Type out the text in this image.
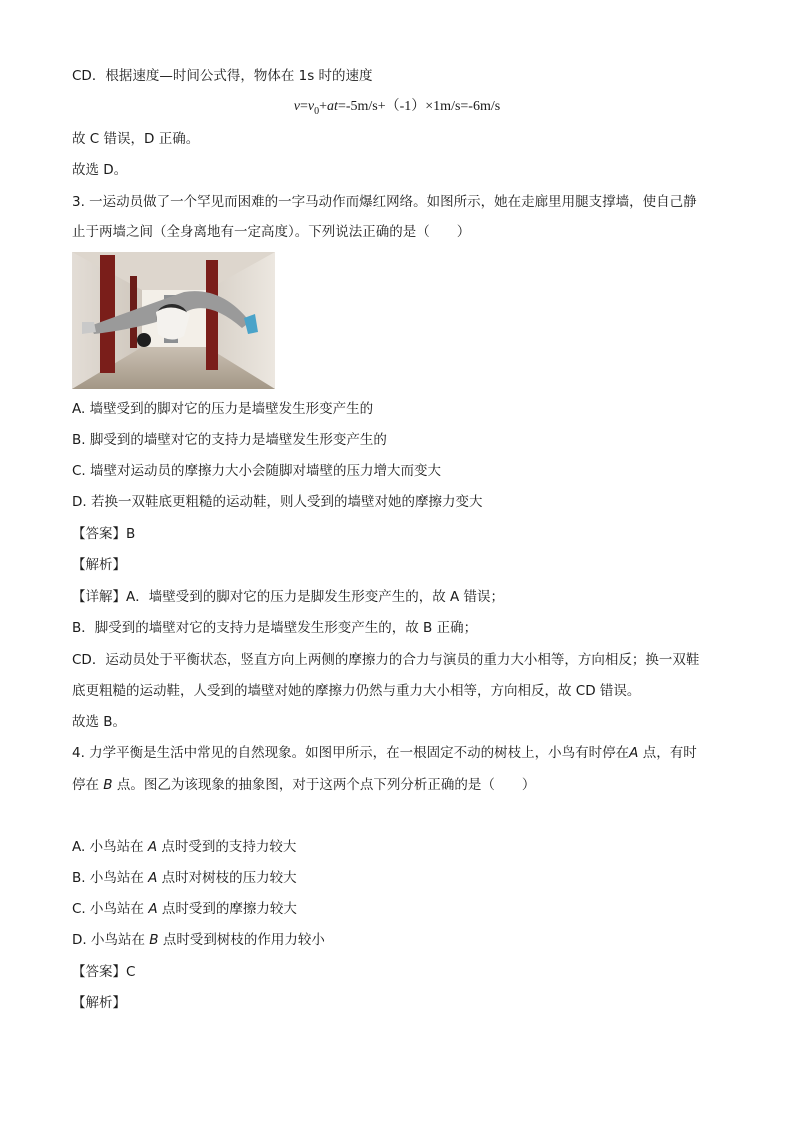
CD．根据速度—时间公式得，物体在 1s 时的速度
$v=v_0+at=-5m/s+(-1)\times 1m/s=-6m/s$
故 C 错误，D 正确。
故选 D。
3. 一运动员做了一个罕见而困难的一字马动作而爆红网络。如图所示，她在走廊里用腿支撑墙，使自己静
止于两墙之间（全身离地有一定高度）。下列说法正确的是（　　）
A. 墙壁受到的脚对它的压力是墙壁发生形变产生的
B. 脚受到的墙壁对它的支持力是墙壁发生形变产生的
C. 墙壁对运动员的摩擦力大小会随脚对墙壁的压力增大而变大
D. 若换一双鞋底更粗糙的运动鞋，则人受到的墙壁对她的摩擦力变大
【答案】B
【解析】
【详解】A．墙壁受到的脚对它的压力是脚发生形变产生的，故 A 错误；
B．脚受到的墙壁对它的支持力是墙壁发生形变产生的，故 B 正确；
CD．运动员处于平衡状态，竖直方向上两侧的摩擦力的合力与演员的重力大小相等，方向相反；换一双鞋
底更粗糙的运动鞋，人受到的墙壁对她的摩擦力仍然与重力大小相等，方向相反，故 CD 错误。
故选 B。
4. 力学平衡是生活中常见的自然现象。如图甲所示，在一根固定不动的树枝上，小鸟有时停在A 点，有时
停在 B 点。图乙为该现象的抽象图，对于这两个点下列分析正确的是（　　）
A. 小鸟站在 A 点时受到的支持力较大
B. 小鸟站在 A 点时对树枝的压力较大
C. 小鸟站在 A 点时受到的摩擦力较大
D. 小鸟站在 B 点时受到树枝的作用力较小
【答案】C
【解析】
